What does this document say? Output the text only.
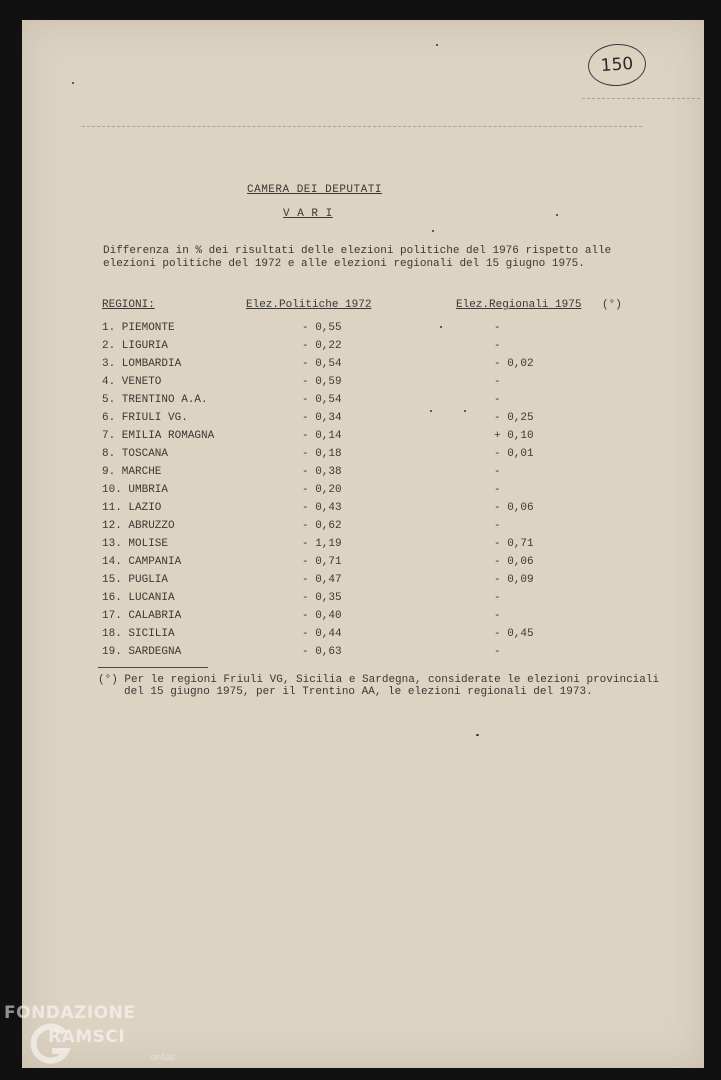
150
CAMERA DEI DEPUTATI
V A R I
Differenza in % dei risultati delle elezioni politiche del 1976 rispetto alle
elezioni politiche del 1972 e alle elezioni regionali del 15 giugno 1975.
REGIONI:	Elez.Politiche 1972	Elez.Regionali 1975 (°)
1. PIEMONTE	- 0,55	-
2. LIGURIA	- 0,22	-
3. LOMBARDIA	- 0,54	- 0,02
4. VENETO	- 0,59	-
5. TRENTINO A.A.	- 0,54	-
6. FRIULI VG.	- 0,34	- 0,25
7. EMILIA ROMAGNA	- 0,14	+ 0,10
8. TOSCANA	- 0,18	- 0,01
9. MARCHE	- 0,38	-
10. UMBRIA	- 0,20	-
11. LAZIO	- 0,43	- 0,06
12. ABRUZZO	- 0,62	-
13. MOLISE	- 1,19	- 0,71
14. CAMPANIA	- 0,71	- 0,06
15. PUGLIA	- 0,47	- 0,09
16. LUCANIA	- 0,35	-
17. CALABRIA	- 0,40	-
18. SICILIA	- 0,44	- 0,45
19. SARDEGNA	- 0,63	-
(°) Per le regioni Friuli VG, Sicilia e Sardegna, considerate le elezioni provinciali del 15 giugno 1975, per il Trentino AA, le elezioni regionali del 1973.
FONDAZIONE
RAMSCI
onlus
